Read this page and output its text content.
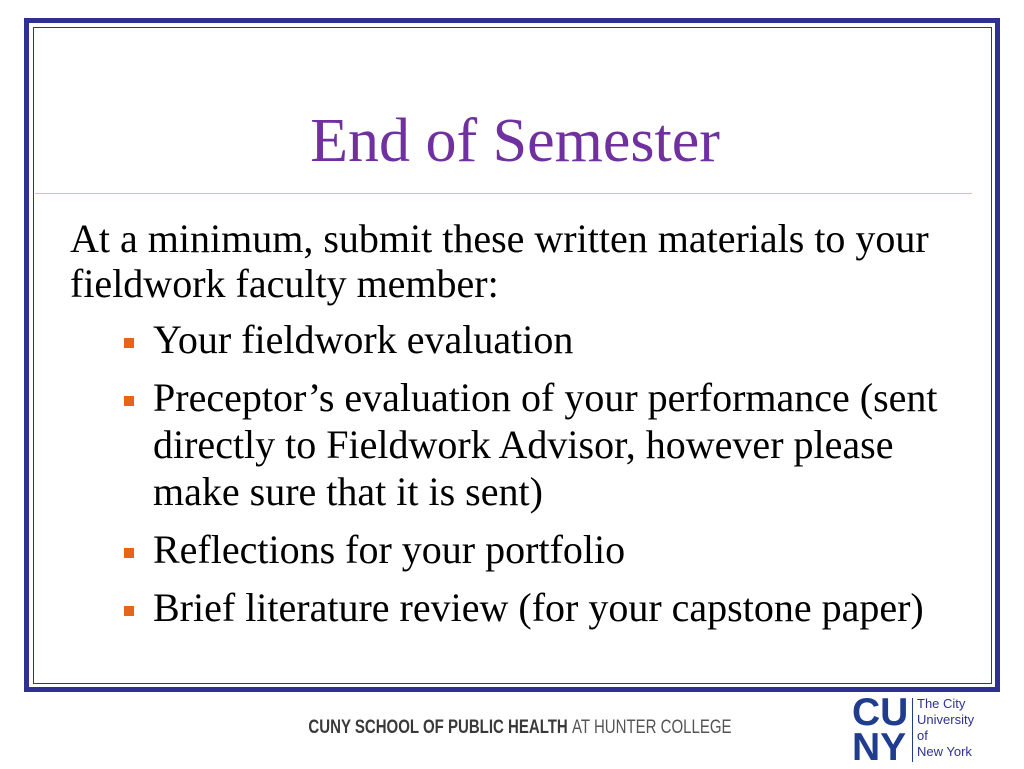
End of Semester

At a minimum, submit these written materials to your fieldwork faculty member:

Your fieldwork evaluation
Preceptor’s evaluation of your performance (sent directly to Fieldwork Advisor, however please make sure that it is sent)
Reflections for your portfolio
Brief literature review (for your capstone paper)
CUNY SCHOOL OF PUBLIC HEALTH AT HUNTER COLLEGE	CU
NY
The City
University
of
New York
